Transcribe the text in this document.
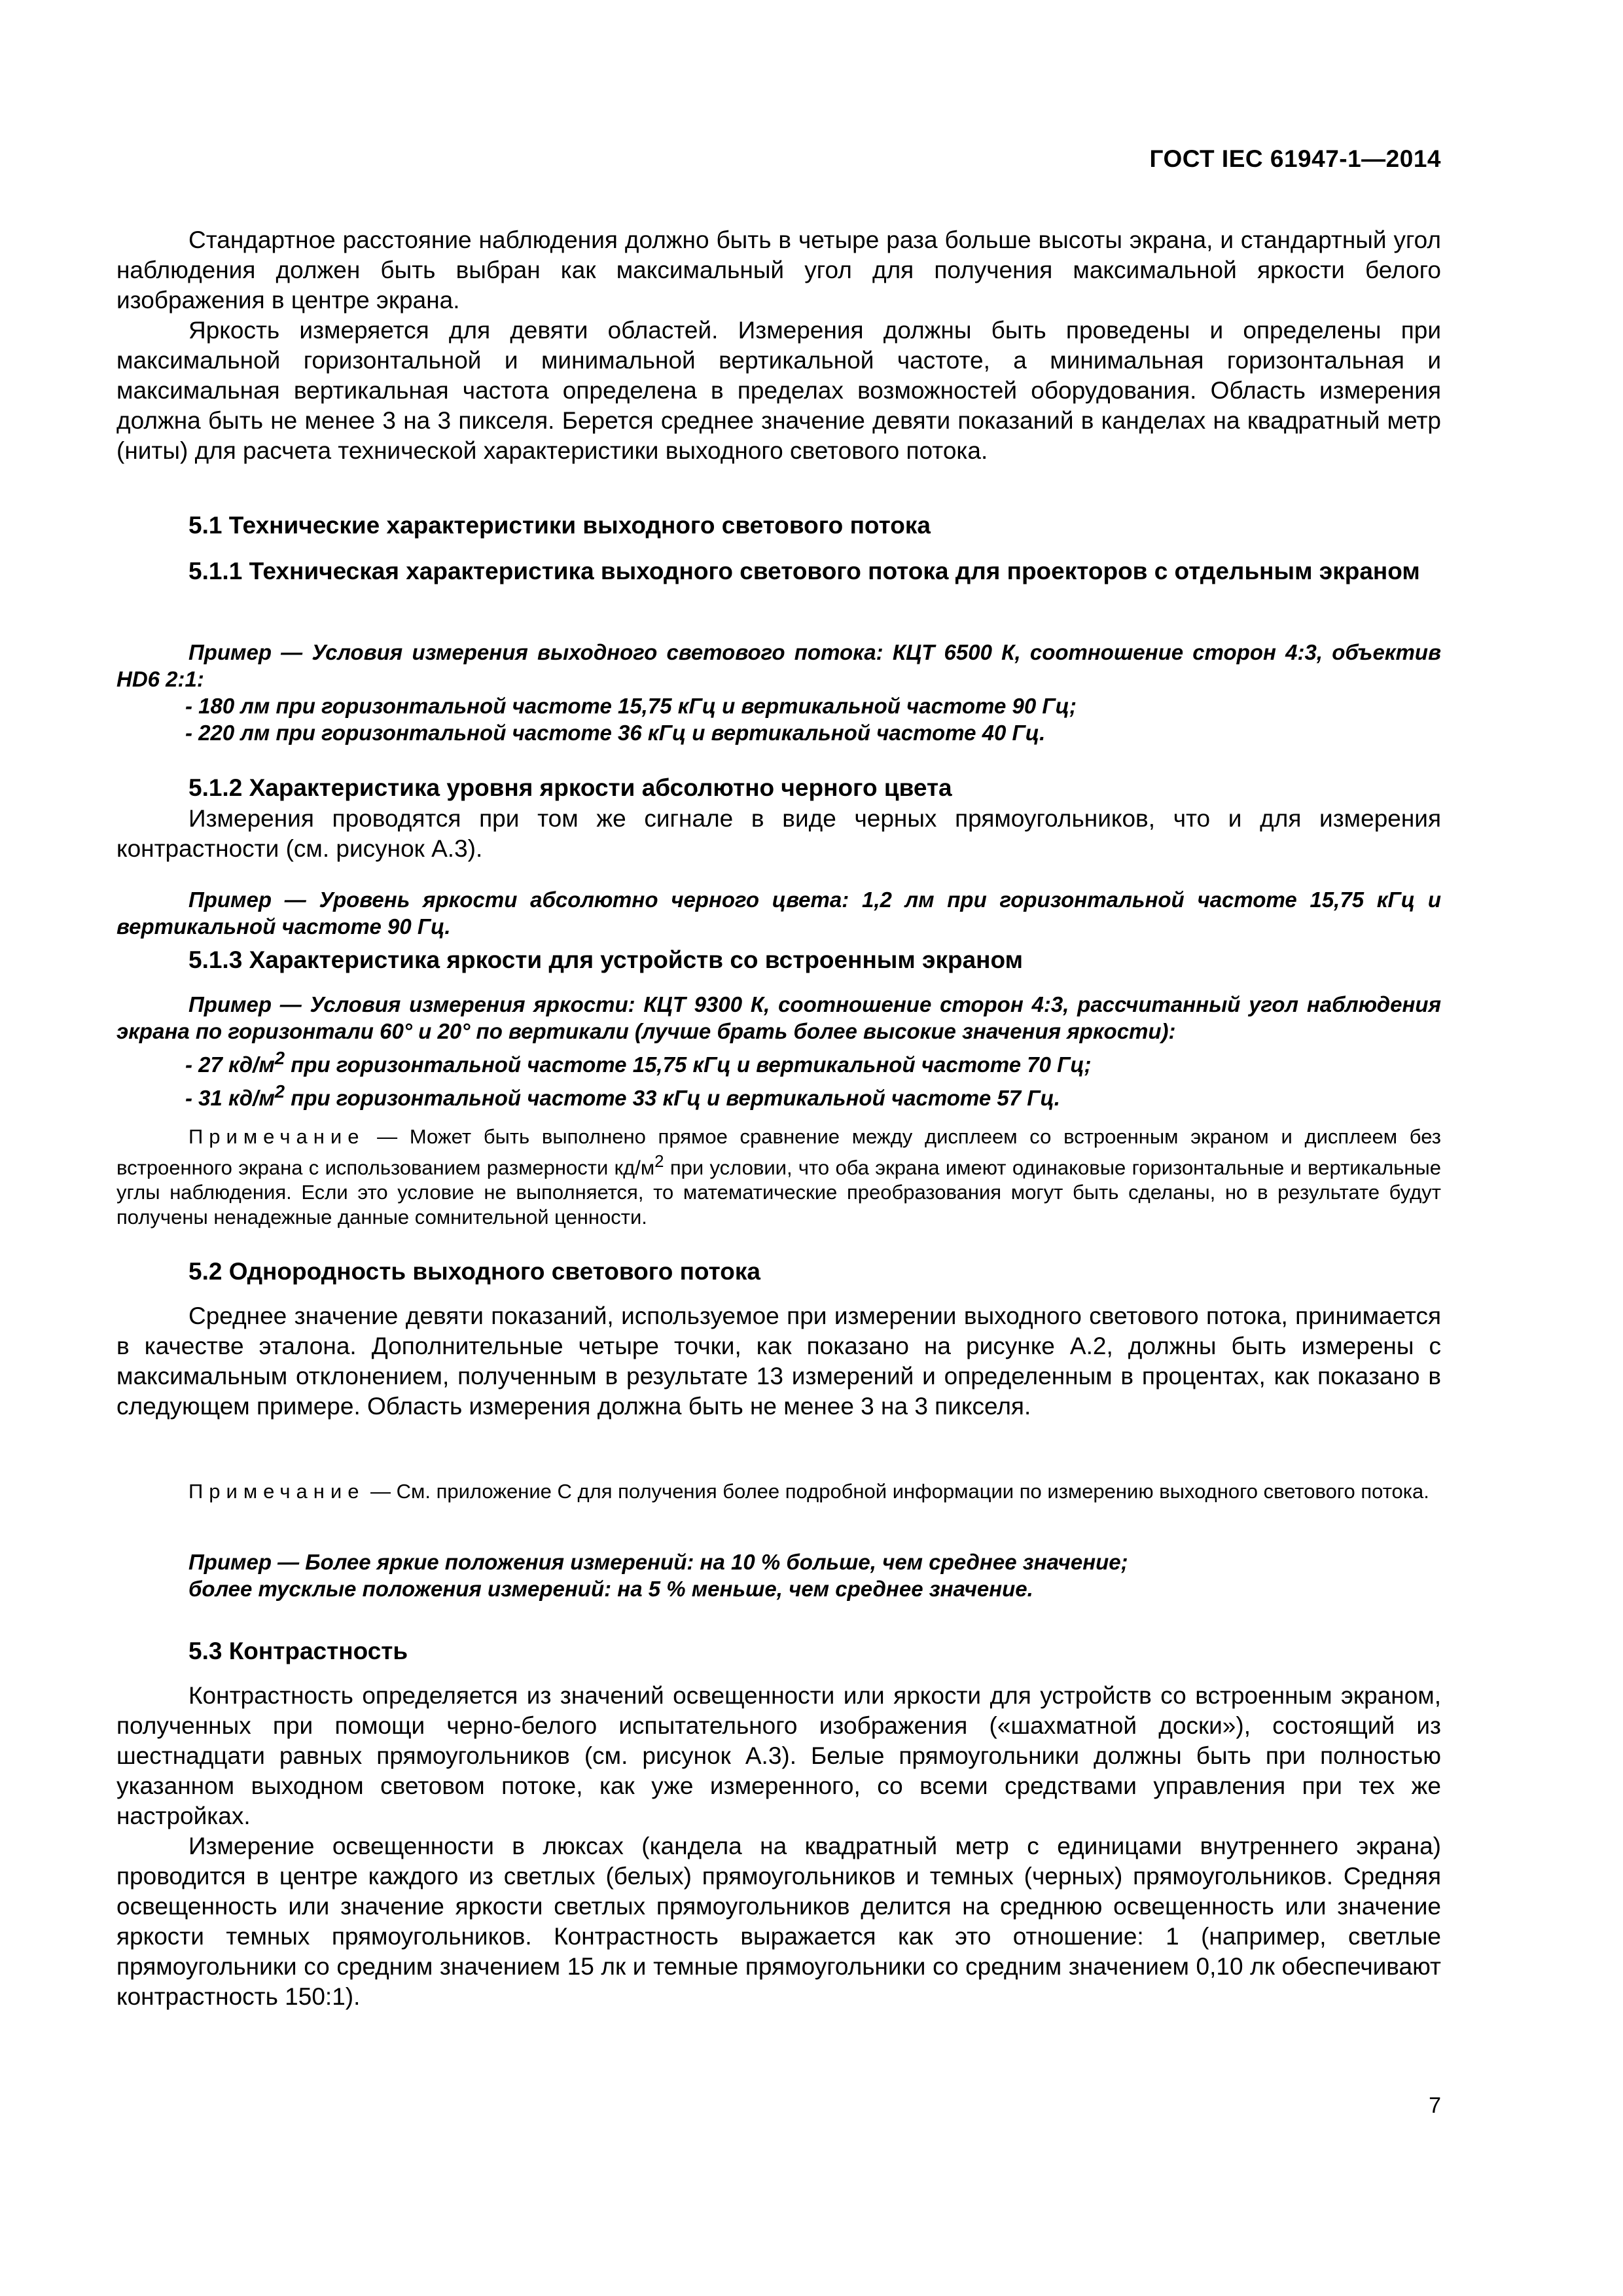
ГОСТ IEC 61947-1—2014

Стандартное расстояние наблюдения должно быть в четыре раза больше высоты экрана, и стандартный угол наблюдения должен быть выбран как максимальный угол для получения максимальной яркости белого изображения в центре экрана.

Яркость измеряется для девяти областей. Измерения должны быть проведены и определены при максимальной горизонтальной и минимальной вертикальной частоте, а минимальная горизонтальная и максимальная вертикальная частота определена в пределах возможностей оборудования. Область измерения должна быть не менее 3 на 3 пикселя. Берется среднее значение девяти показаний в канделах на квадратный метр (ниты) для расчета технической характеристики выходного светового потока.

5.1 Технические характеристики выходного светового потока

5.1.1 Техническая характеристика выходного светового потока для проекторов с отдельным экраном

Пример — Условия измерения выходного светового потока: КЦТ 6500 К, соотношение сторон 4:3, объектив HD6 2:1:
- 180 лм при горизонтальной частоте 15,75 кГц и вертикальной частоте 90 Гц;
- 220 лм при горизонтальной частоте 36 кГц и вертикальной частоте 40 Гц.

5.1.2 Характеристика уровня яркости абсолютно черного цвета

Измерения проводятся при том же сигнале в виде черных прямоугольников, что и для измерения контрастности (см. рисунок А.3).

Пример — Уровень яркости абсолютно черного цвета: 1,2 лм при горизонтальной частоте 15,75 кГц и вертикальной частоте 90 Гц.

5.1.3 Характеристика яркости для устройств со встроенным экраном

Пример — Условия измерения яркости: КЦТ 9300 К, соотношение сторон 4:3, рассчитанный угол наблюдения экрана по горизонтали 60° и 20° по вертикали (лучше брать более высокие значения яркости):
- 27 $кд/м^2$ при горизонтальной частоте 15,75 кГц и вертикальной частоте 70 Гц;
- 31 $кд/м^2$ при горизонтальной частоте 33 кГц и вертикальной частоте 57 Гц.
Примечание — Может быть выполнено прямое сравнение между дисплеем со встроенным экраном и дисплеем без встроенного экрана с использованием размерности $кд/м^2$ при условии, что оба экрана имеют одинаковые горизонтальные и вертикальные углы наблюдения. Если это условие не выполняется, то математические преобразования могут быть сделаны, но в результате будут получены ненадежные данные сомнительной ценности.

5.2 Однородность выходного светового потока

Среднее значение девяти показаний, используемое при измерении выходного светового потока, принимается в качестве эталона. Дополнительные четыре точки, как показано на рисунке А.2, должны быть измерены с максимальным отклонением, полученным в результате 13 измерений и определенным в процентах, как показано в следующем примере. Область измерения должна быть не менее 3 на 3 пикселя.

Примечание — См. приложение С для получения более подробной информации по измерению выходного светового потока.
Пример — Более яркие положения измерений: на 10 % больше, чем среднее значение;
более тусклые положения измерений: на 5 % меньше, чем среднее значение.

5.3 Контрастность

Контрастность определяется из значений освещенности или яркости для устройств со встроенным экраном, полученных при помощи черно-белого испытательного изображения («шахматной доски»), состоящий из шестнадцати равных прямоугольников (см. рисунок А.3). Белые прямоугольники должны быть при полностью указанном выходном световом потоке, как уже измеренного, со всеми средствами управления при тех же настройках.

Измерение освещенности в люксах (кандела на квадратный метр с единицами внутреннего экрана) проводится в центре каждого из светлых (белых) прямоугольников и темных (черных) прямоугольников. Средняя освещенность или значение яркости светлых прямоугольников делится на среднюю освещенность или значение яркости темных прямоугольников. Контрастность выражается как это отношение: 1 (например, светлые прямоугольники со средним значением 15 лк и темные прямоугольники со средним значением 0,10 лк обеспечивают контрастность 150:1).

7
